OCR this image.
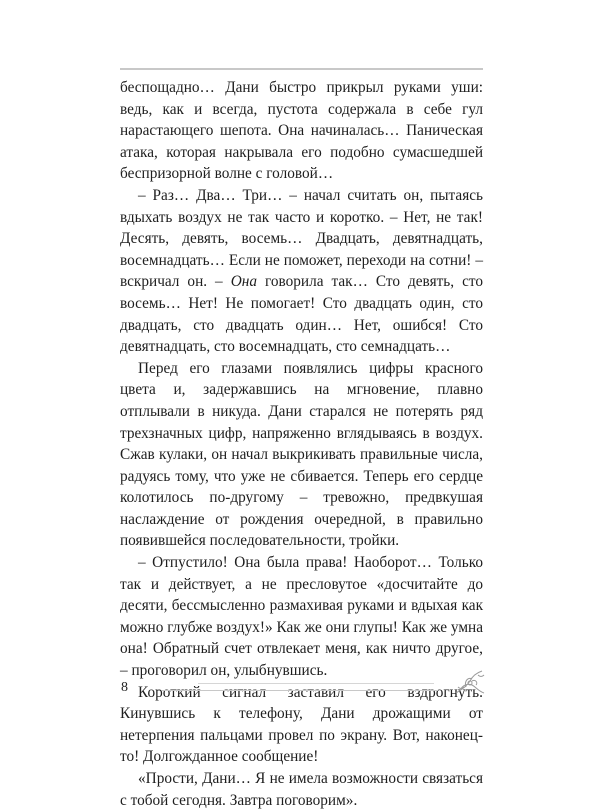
беспощадно… Дани быстро прикрыл руками уши: ведь, как и всегда, пустота содержала в себе гул нарастающего шепота. Она начиналась… Паническая атака, которая накрывала его подобно сумасшедшей беспризорной волне с головой…

– Раз… Два… Три… – начал считать он, пытаясь вдыхать воздух не так часто и коротко. – Нет, не так! Десять, девять, восемь… Двадцать, девятнадцать, восемнадцать… Если не поможет, переходи на сотни! – вскричал он. – Она говорила так… Сто девять, сто восемь… Нет! Не помогает! Сто двадцать один, сто двадцать, сто двадцать один… Нет, ошибся! Сто девятнадцать, сто восемнадцать, сто семнадцать…

Перед его глазами появлялись цифры красного цвета и, задержавшись на мгновение, плавно отплывали в никуда. Дани старался не потерять ряд трехзначных цифр, напряженно вглядываясь в воздух. Сжав кулаки, он начал выкрикивать правильные числа, радуясь тому, что уже не сбивается. Теперь его сердце колотилось по-другому – тревожно, предвкушая наслаждение от рождения очередной, в правильно появившейся последовательности, тройки.

– Отпустило! Она была права! Наоборот… Только так и действует, а не пресловутое «досчитайте до десяти, бессмысленно размахивая руками и вдыхая как можно глубже воздух!» Как же они глупы! Как же умна она! Обратный счет отвлекает меня, как ничто другое, – проговорил он, улыбнувшись.

Короткий сигнал заставил его вздрогнуть. Кинувшись к телефону, Дани дрожащими от нетерпения пальцами провел по экрану. Вот, наконец-то! Долгожданное сообщение!

«Прости, Дани… Я не имела возможности связаться с тобой сегодня. Завтра поговорим».

8
